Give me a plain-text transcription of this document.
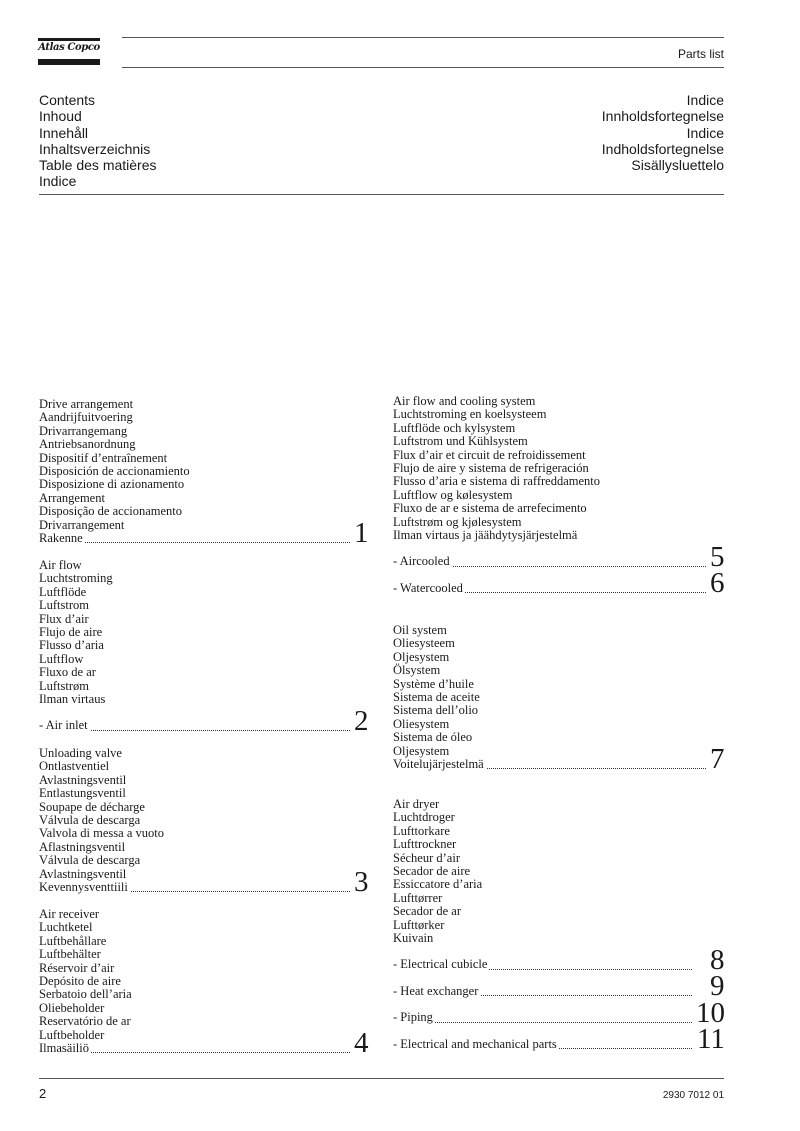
Atlas Copco	Parts list
Contents
Inhoud
Innehåll
Inhaltsverzeichnis
Table des matières
Indice
Indice
Innholdsfortegnelse
Indice
Indholdsfortegnelse
Sisällysluettelo
Drive arrangement
Aandrijfuitvoering
Drivarrangemang
Antriebsanordnung
Dispositif d’entraînement
Disposición de accionamiento
Disposizione di azionamento
Arrangement
Disposição de accionamento
Drivarrangement
Rakenne	1
Air flow
Luchtstroming
Luftflöde
Luftstrom
Flux d’air
Flujo de aire
Flusso d’aria
Luftflow
Fluxo de ar
Luftstrøm
Ilman virtaus
- Air inlet	2
Unloading valve
Ontlastventiel
Avlastningsventil
Entlastungsventil
Soupape de décharge
Válvula de descarga
Valvola di messa a vuoto
Aflastningsventil
Válvula de descarga
Avlastningsventil
Kevennysventtiili	3
Air receiver
Luchtketel
Luftbehållare
Luftbehälter
Réservoir d’air
Depósito de aire
Serbatoio dell’aria
Oliebeholder
Reservatório de ar
Luftbeholder
Ilmasäiliö	4
Air flow and cooling system
Luchtstroming en koelsysteem
Luftflöde och kylsystem
Luftstrom und Kühlsystem
Flux d’air et circuit de refroidissement
Flujo de aire y sistema de refrigeración
Flusso d’aria e sistema di raffreddamento
Luftflow og kølesystem
Fluxo de ar e sistema de arrefecimento
Luftstrøm og kjølesystem
Ilman virtaus ja jäähdytysjärjestelmä
- Aircooled	5
- Watercooled	6
Oil system
Oliesysteem
Oljesystem
Ölsystem
Système d’huile
Sistema de aceite
Sistema dell’olio
Oliesystem
Sistema de óleo
Oljesystem
Voitelujärjestelmä	7
Air dryer
Luchtdroger
Lufttorkare
Lufttrockner
Sécheur d’air
Secador de aire
Essiccatore d’aria
Lufttørrer
Secador de ar
Lufttørker
Kuivain
- Electrical cubicle	8
- Heat exchanger	9
- Piping	10
- Electrical and mechanical parts	11
2	2930 7012 01
